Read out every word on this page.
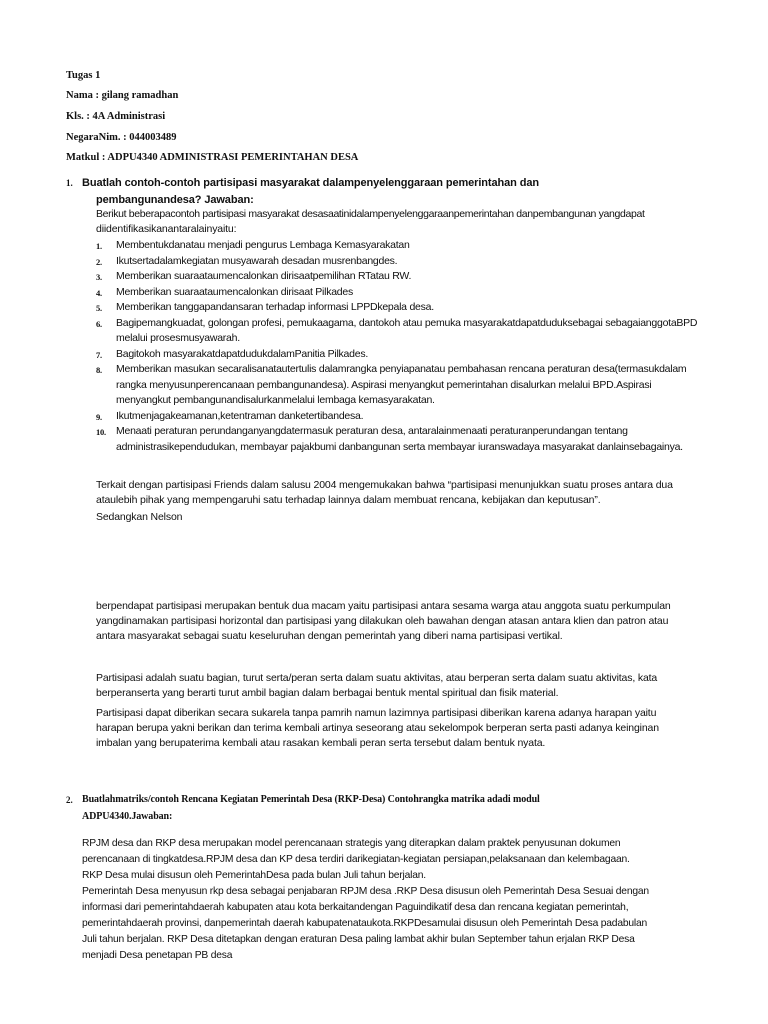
Tugas 1
Nama : gilang ramadhan
Kls. : 4A Administrasi
NegaraNim. : 044003489
Matkul : ADPU4340 ADMINISTRASI PEMERINTAHAN DESA
1. Buatlah contoh-contoh partisipasi masyarakat dalampenyelenggaraan pemerintahan dan
pembangunandesa? Jawaban:
Berikut beberapacontoh partisipasi masyarakat desasaatinidalampenyelenggaraanpemerintahan danpembangunan yangdapat
diidentifikasikanantaralainyaitu:
1. Membentukdanatau menjadi pengurus Lembaga Kemasyarakatan
2. Ikutsertadalamkegiatan musyawarah desadan musrenbangdes.
3. Memberikan suaraataumencalonkan dirisaatpemilihan RTatau RW.
4. Memberikan suaraataumencalonkan dirisaat Pilkades
5. Memberikan tanggapandansaran terhadap informasi LPPDkepala desa.
6. Bagipemangkuadat, golongan profesi, pemukaagama, dantokoh atau pemuka masyarakatdapatduduksebagai sebagaianggotaBPD melalui prosesmusyawarah.
7. Bagitokoh masyarakatdapatdudukdalamPanitia Pilkades.
8. Memberikan masukan secaralisanatautertulis dalamrangka penyiapanatau pembahasan rencana peraturan desa(termasukdalam rangka menyusunperencanaan pembangunandesa). Aspirasi menyangkut pemerintahan disalurkan melalui BPD.Aspirasi menyangkut pembangunandisalurkanmelalui lembaga kemasyarakatan.
9. Ikutmenjagakeamanan,ketentraman danketertibandesa.
10. Menaati peraturan perundanganyangdatermasuk peraturan desa, antaralainmenaati peraturanperundangan tentang administrasikependudukan, membayar pajakbumi danbangunan serta membayar iuranswadaya masyarakat danlainsebagainya.
Terkait dengan partisipasi Friends dalam salusu 2004 mengemukakan bahwa “partisipasi menunjukkan suatu proses antara dua ataulebih pihak yang mempengaruhi satu terhadap lainnya dalam membuat rencana, kebijakan dan keputusan”.
Sedangkan Nelson
berpendapat partisipasi merupakan bentuk dua macam yaitu partisipasi antara sesama warga atau anggota suatu perkumpulan yangdinamakan partisipasi horizontal dan partisipasi yang dilakukan oleh bawahan dengan atasan antara klien dan patron atau antara masyarakat sebagai suatu keseluruhan dengan pemerintah yang diberi nama partisipasi vertikal.
Partisipasi adalah suatu bagian, turut serta/peran serta dalam suatu aktivitas, atau berperan serta dalam suatu aktivitas, kata berperanserta yang berarti turut ambil bagian dalam berbagai bentuk mental spiritual dan fisik material.
Partisipasi dapat diberikan secara sukarela tanpa pamrih namun lazimnya partisipasi diberikan karena adanya harapan yaitu harapan berupa yakni berikan dan terima kembali artinya seseorang atau sekelompok berperan serta pasti adanya keinginan imbalan yang berupaterima kembali atau rasakan kembali peran serta tersebut dalam bentuk nyata.
2. Buatlahmatriks/contoh Rencana Kegiatan Pemerintah Desa (RKP-Desa) Contohrangka matrika adadi modul
ADPU4340.Jawaban:
RPJM desa dan RKP desa merupakan model perencanaan strategis yang diterapkan dalam praktek penyusunan dokumen
perencanaan di tingkatdesa.RPJM desa dan KP desa terdiri darikegiatan-kegiatan persiapan,pelaksanaan dan kelembagaan.
RKP Desa mulai disusun oleh PemerintahDesa pada bulan Juli tahun berjalan.
Pemerintah Desa menyusun rkp desa sebagai penjabaran RPJM desa .RKP Desa disusun oleh Pemerintah Desa Sesuai dengan
informasi dari pemerintahdaerah kabupaten atau kota berkaitandengan Paguindikatif desa dan rencana kegiatan pemerintah,
pemerintahdaerah provinsi, danpemerintah daerah kabupatenataukota.RKPDesamulai disusun oleh Pemerintah Desa padabulan
Juli tahun berjalan. RKP Desa ditetapkan dengan eraturan Desa paling lambat akhir bulan September tahun erjalan RKP Desa
menjadi Desa penetapan PB desa
